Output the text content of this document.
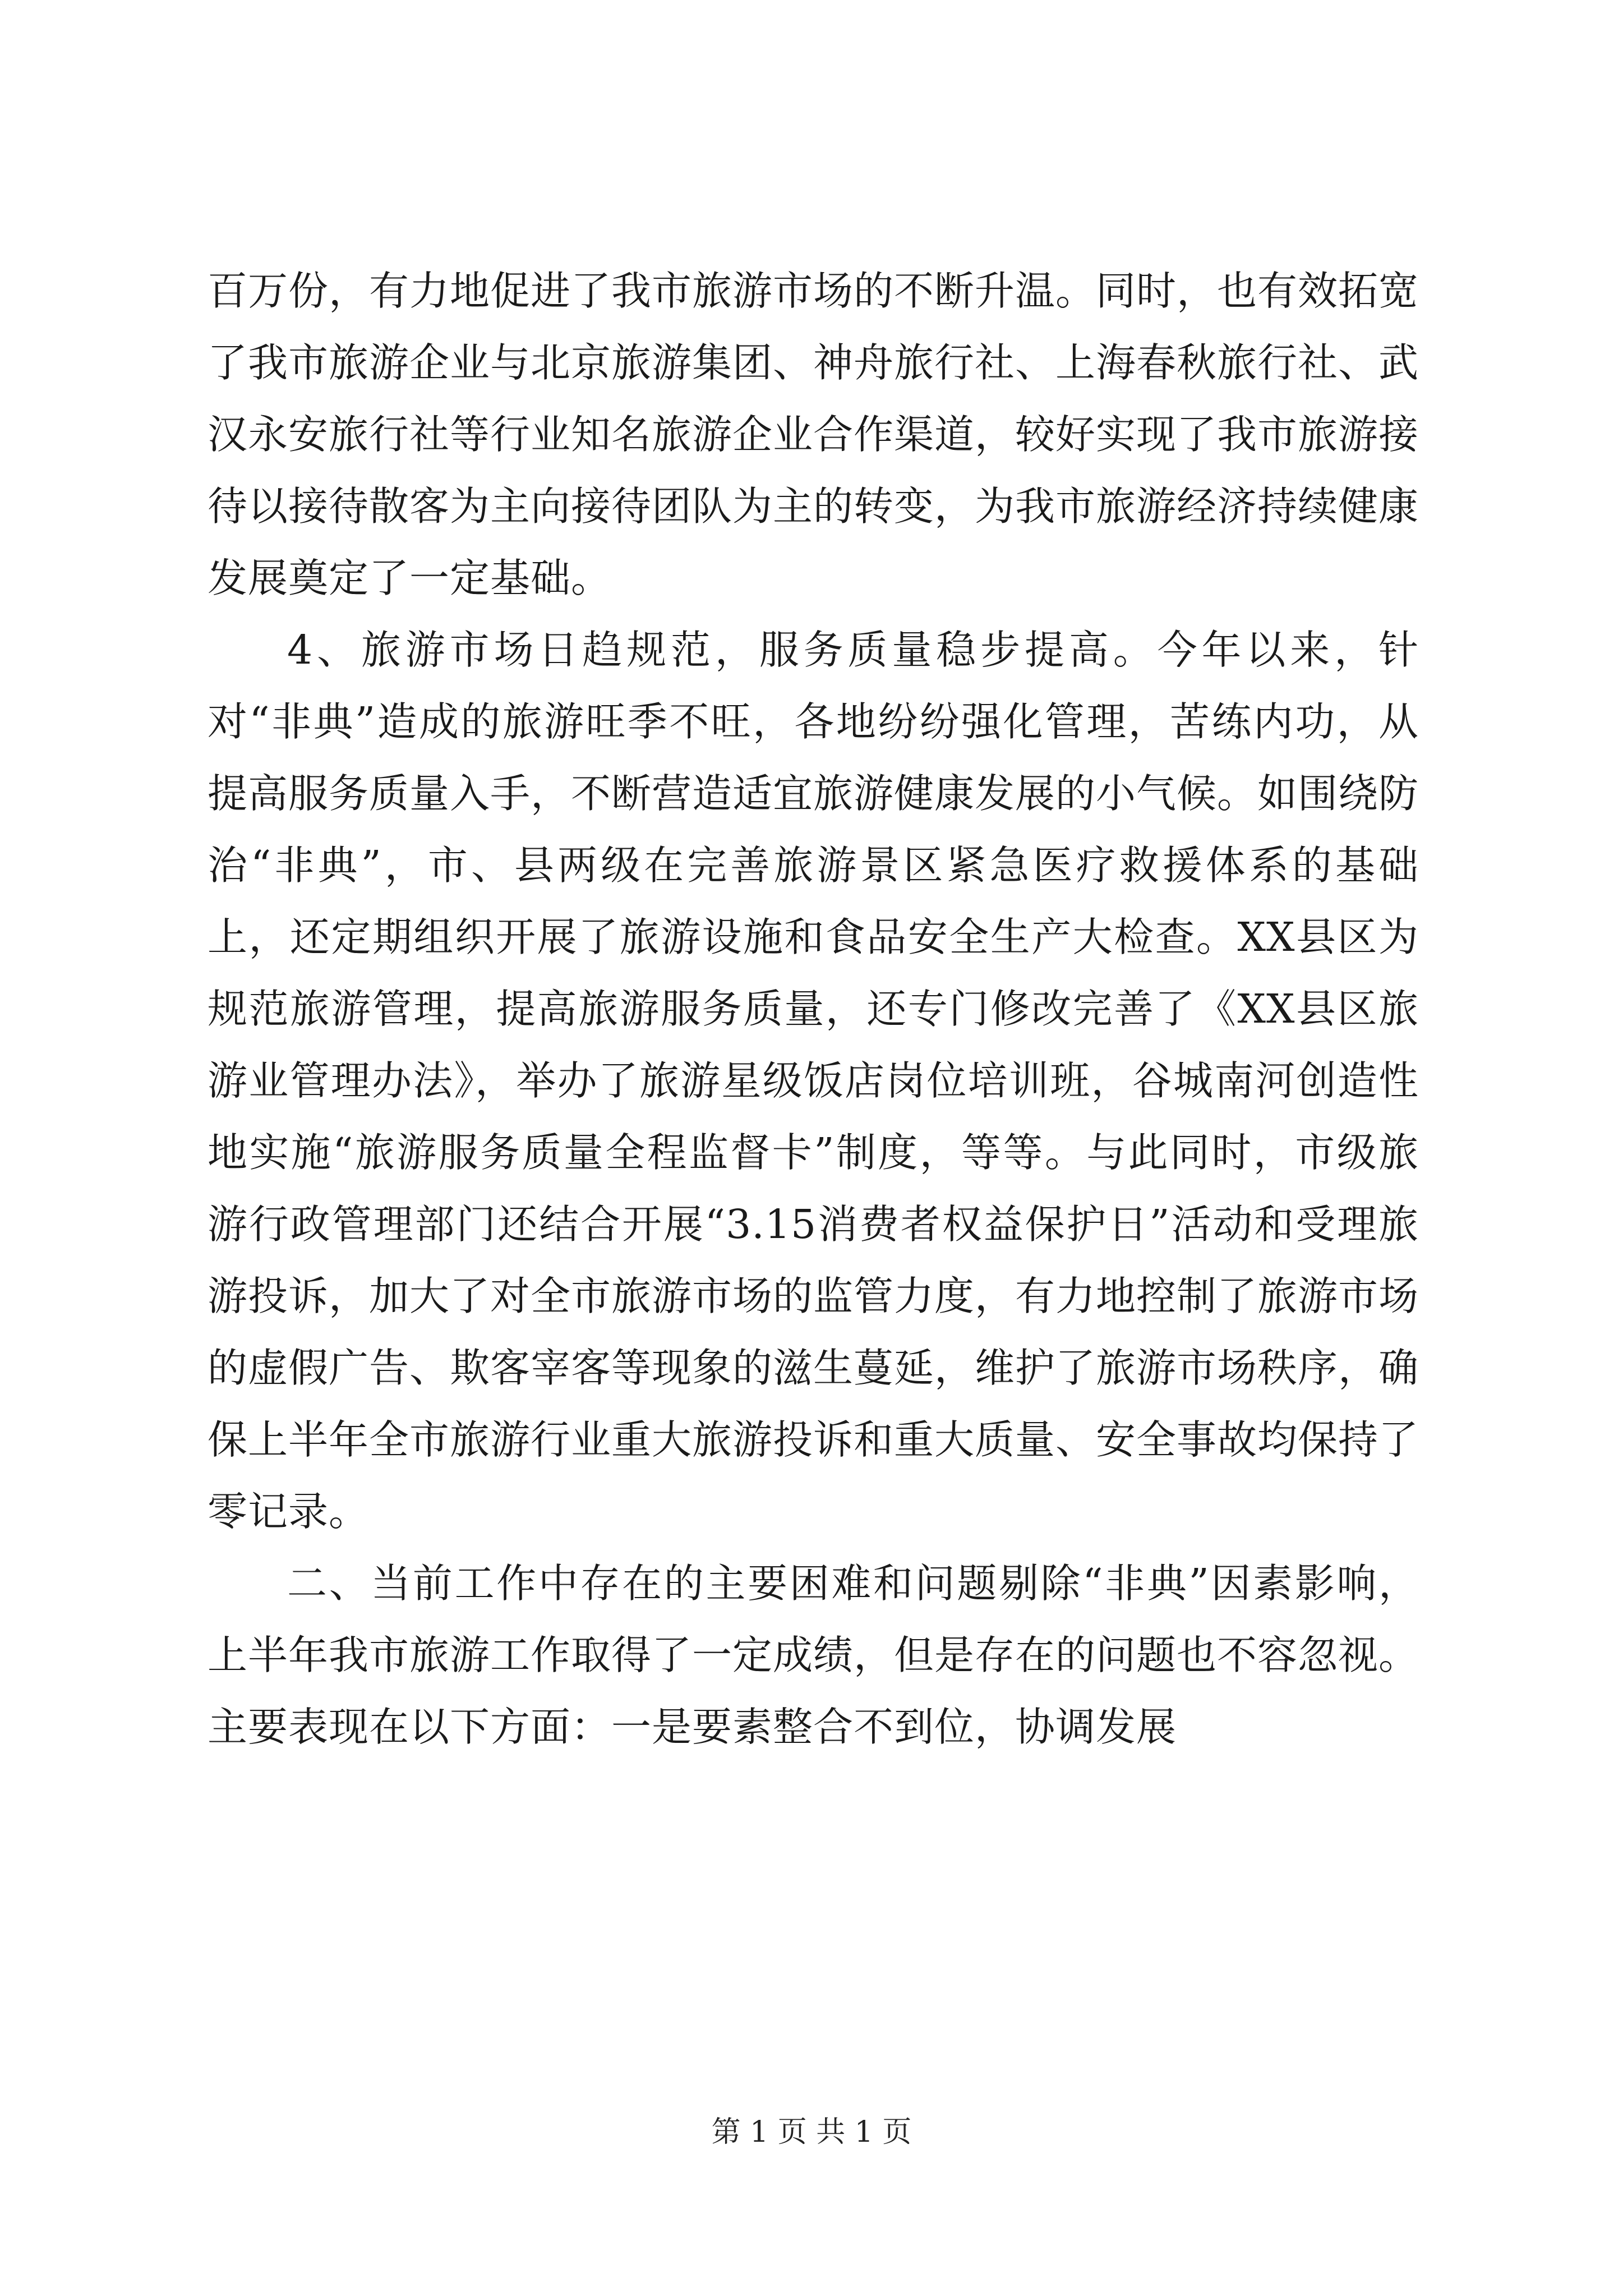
百万份，有力地促进了我市旅游市场的不断升温。同时，也有效拓宽了我市旅游企业与北京旅游集团、神舟旅行社、上海春秋旅行社、武汉永安旅行社等行业知名旅游企业合作渠道，较好实现了我市旅游接待以接待散客为主向接待团队为主的转变，为我市旅游经济持续健康发展奠定了一定基础。

4、旅游市场日趋规范，服务质量稳步提高。今年以来，针对“非典”造成的旅游旺季不旺，各地纷纷强化管理，苦练内功，从提高服务质量入手，不断营造适宜旅游健康发展的小气候。如围绕防治“非典”，市、县两级在完善旅游景区紧急医疗救援体系的基础上，还定期组织开展了旅游设施和食品安全生产大检查。XX县区为规范旅游管理，提高旅游服务质量，还专门修改完善了《XX县区旅游业管理办法》，举办了旅游星级饭店岗位培训班，谷城南河创造性地实施“旅游服务质量全程监督卡”制度，等等。与此同时，市级旅游行政管理部门还结合开展“3.15消费者权益保护日”活动和受理旅游投诉，加大了对全市旅游市场的监管力度，有力地控制了旅游市场的虚假广告、欺客宰客等现象的滋生蔓延，维护了旅游市场秩序，确保上半年全市旅游行业重大旅游投诉和重大质量、安全事故均保持了零记录。

二、当前工作中存在的主要困难和问题剔除“非典”因素影响，上半年我市旅游工作取得了一定成绩，但是存在的问题也不容忽视。主要表现在以下方面：一是要素整合不到位，协调发展

第 1 页 共 1 页
